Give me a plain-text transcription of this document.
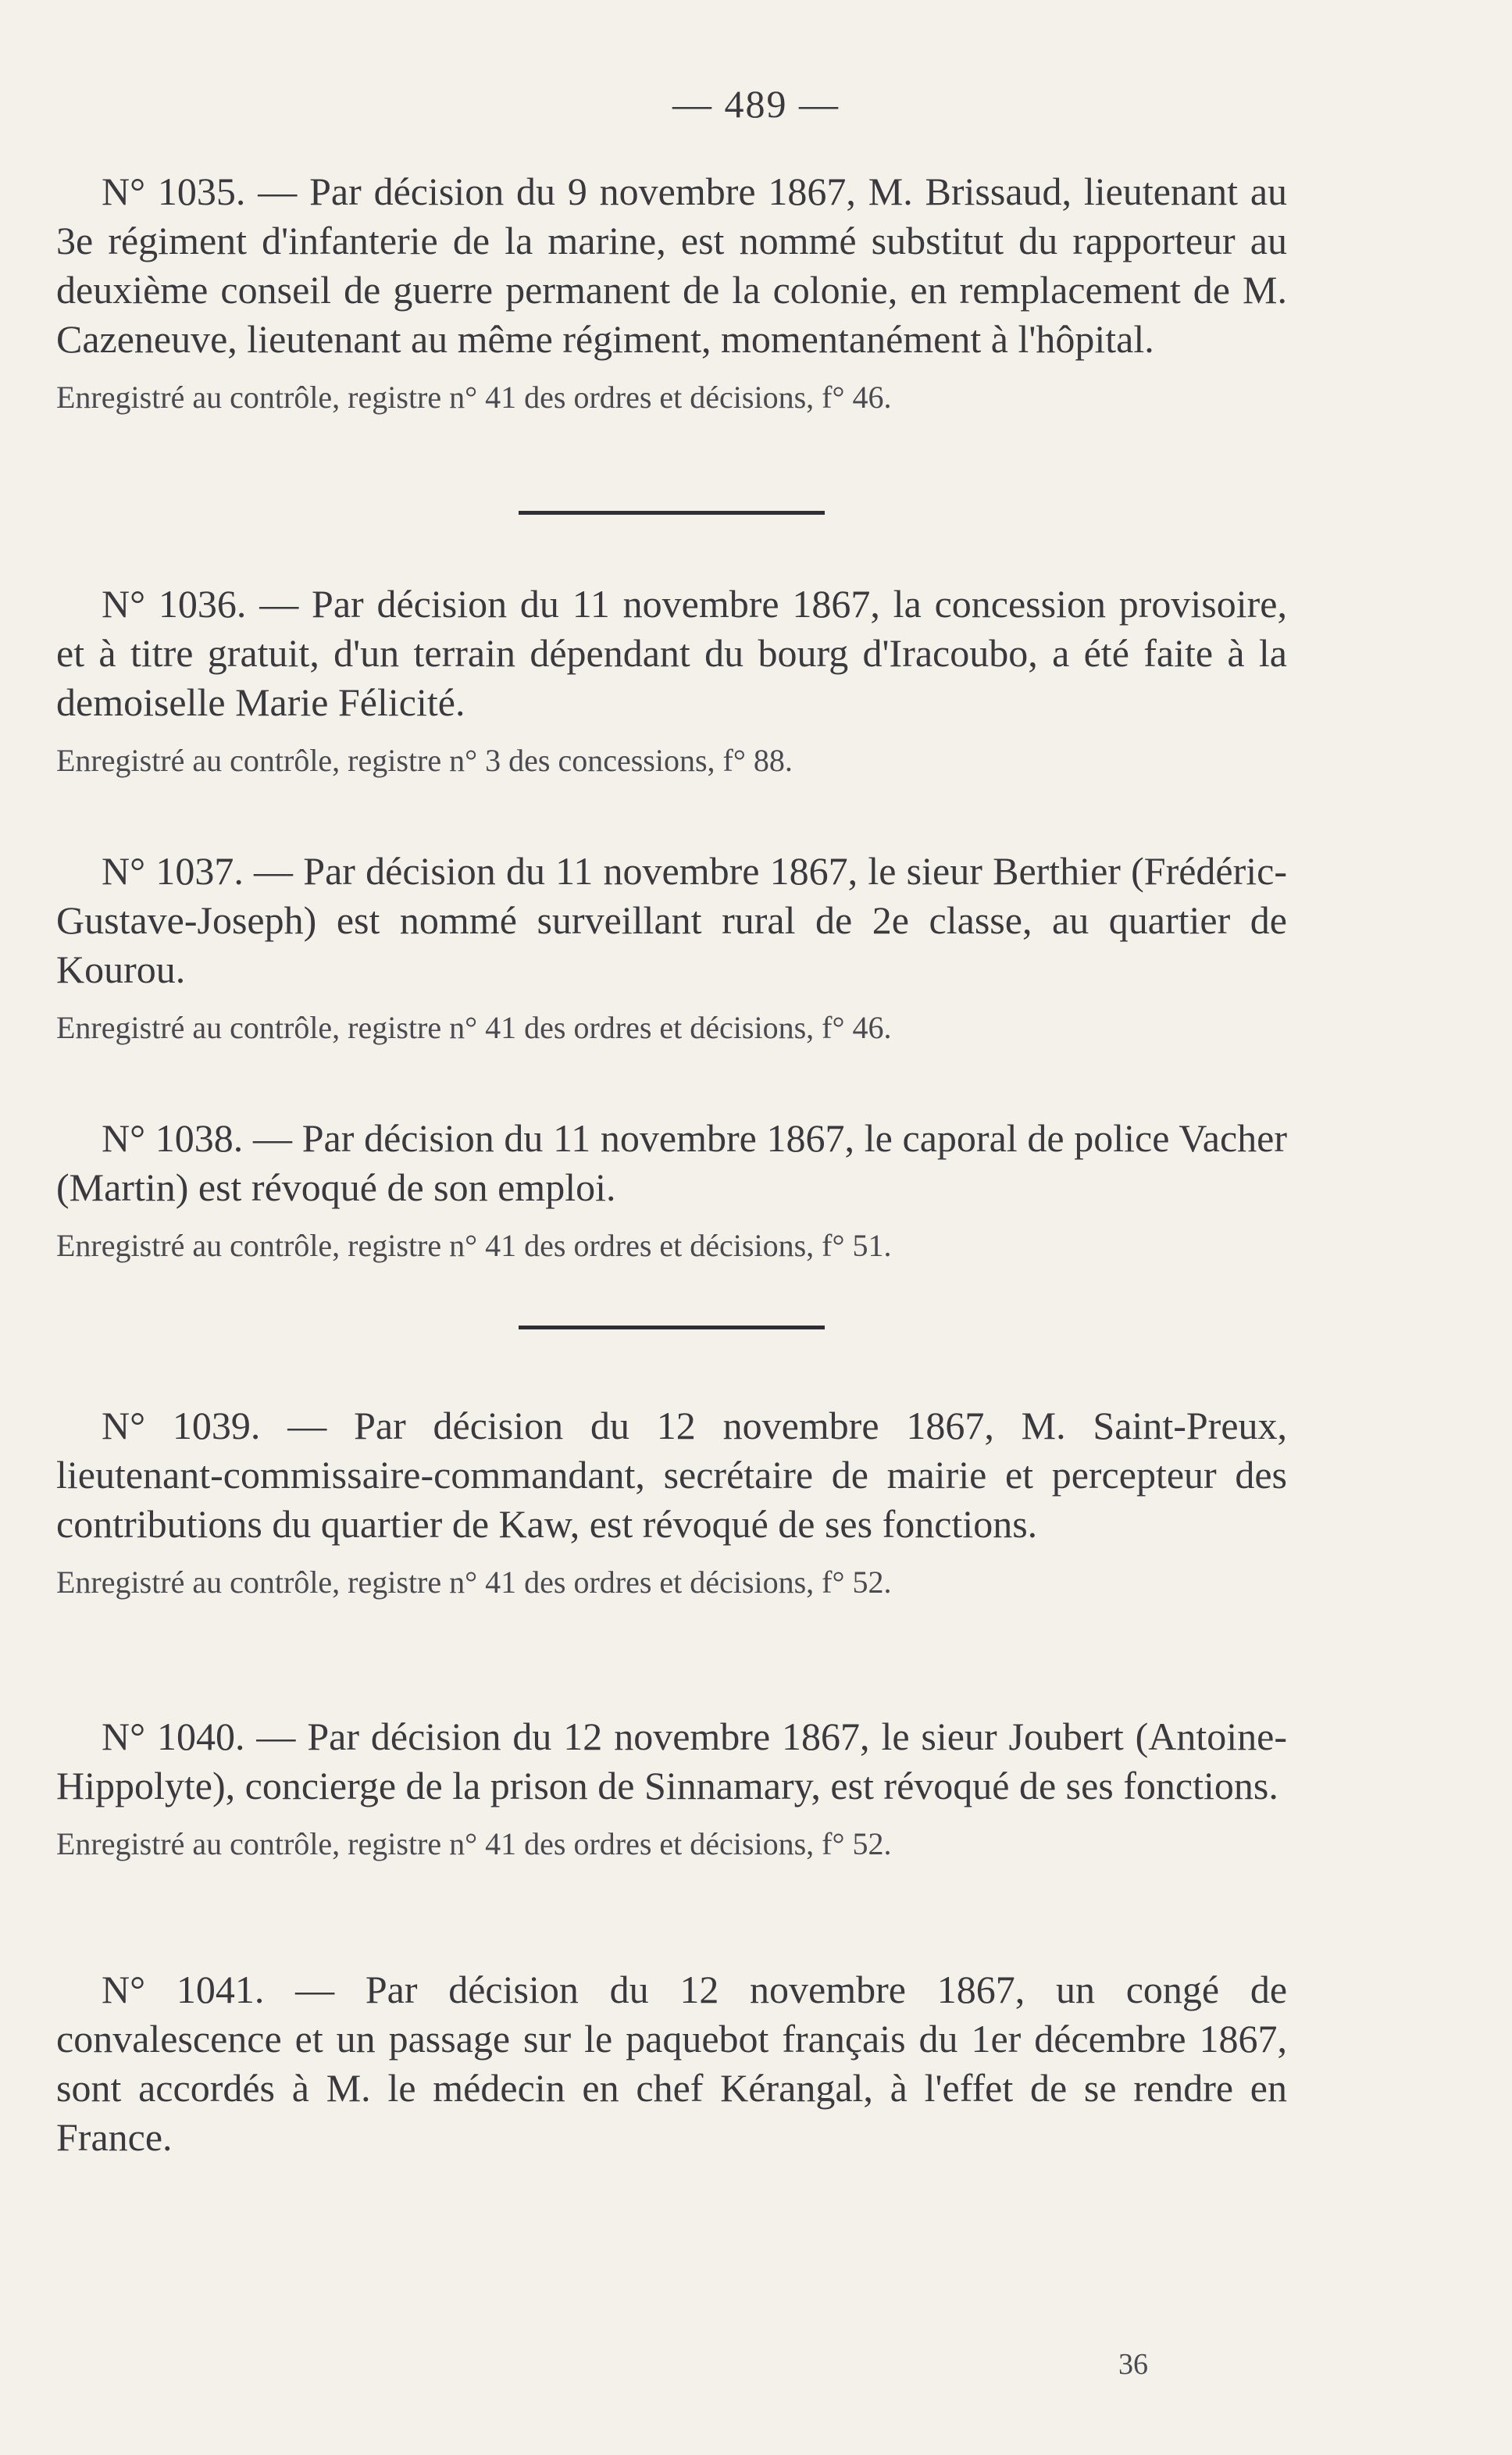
— 489 —

N° 1035. — Par décision du 9 novembre 1867, M. Brissaud, lieutenant au 3e régiment d'infanterie de la marine, est nommé substitut du rapporteur au deuxième conseil de guerre permanent de la colonie, en remplacement de M. Cazeneuve, lieutenant au même régiment, momentanément à l'hôpital.

Enregistré au contrôle, registre n° 41 des ordres et décisions, f° 46.

N° 1036. — Par décision du 11 novembre 1867, la concession provisoire, et à titre gratuit, d'un terrain dépendant du bourg d'Iracoubo, a été faite à la demoiselle Marie Félicité.

Enregistré au contrôle, registre n° 3 des concessions, f° 88.

N° 1037. — Par décision du 11 novembre 1867, le sieur Berthier (Frédéric-Gustave-Joseph) est nommé surveillant rural de 2e classe, au quartier de Kourou.

Enregistré au contrôle, registre n° 41 des ordres et décisions, f° 46.

N° 1038. — Par décision du 11 novembre 1867, le caporal de police Vacher (Martin) est révoqué de son emploi.

Enregistré au contrôle, registre n° 41 des ordres et décisions, f° 51.

N° 1039. — Par décision du 12 novembre 1867, M. Saint-Preux, lieutenant-commissaire-commandant, secrétaire de mairie et percepteur des contributions du quartier de Kaw, est révoqué de ses fonctions.

Enregistré au contrôle, registre n° 41 des ordres et décisions, f° 52.

N° 1040. — Par décision du 12 novembre 1867, le sieur Joubert (Antoine-Hippolyte), concierge de la prison de Sinnamary, est révoqué de ses fonctions.

Enregistré au contrôle, registre n° 41 des ordres et décisions, f° 52.

N° 1041. — Par décision du 12 novembre 1867, un congé de convalescence et un passage sur le paquebot français du 1er décembre 1867, sont accordés à M. le médecin en chef Kérangal, à l'effet de se rendre en France.

36
